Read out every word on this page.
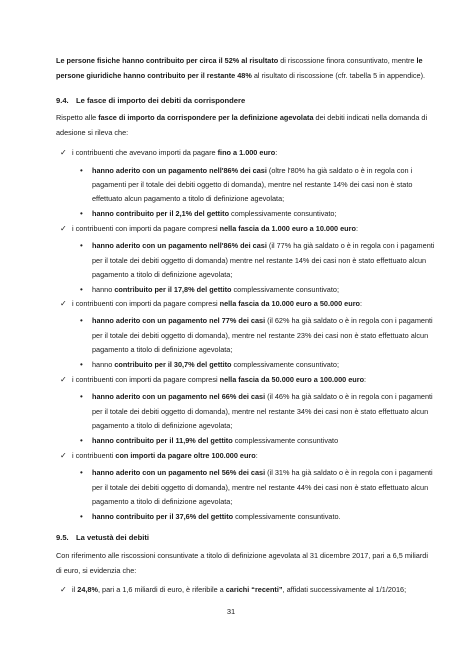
Le persone fisiche hanno contribuito per circa il 52% al risultato di riscossione finora consuntivato, mentre le
persone giuridiche hanno contribuito per il restante 48% al risultato di riscossione (cfr. tabella 5 in appendice).
9.4. Le fasce di importo dei debiti da corrispondere
Rispetto alle fasce di importo da corrispondere per la definizione agevolata dei debiti indicati nella domanda di
adesione si rileva che:
✓ i contribuenti che avevano importi da pagare fino a 1.000 euro:
• hanno aderito con un pagamento nell'86% dei casi (oltre l'80% ha già saldato o è in regola con i
pagamenti per il totale dei debiti oggetto di domanda), mentre nel restante 14% dei casi non è stato
effettuato alcun pagamento a titolo di definizione agevolata;
• hanno contribuito per il 2,1% del gettito complessivamente consuntivato;
✓ i contribuenti con importi da pagare compresi nella fascia da 1.000 euro a 10.000 euro:
• hanno aderito con un pagamento nell'86% dei casi (il 77% ha già saldato o è in regola con i pagamenti
per il totale dei debiti oggetto di domanda) mentre nel restante 14% dei casi non è stato effettuato alcun
pagamento a titolo di definizione agevolata;
• hanno contribuito per il 17,8% del gettito complessivamente consuntivato;
✓ i contribuenti con importi da pagare compresi nella fascia da 10.000 euro a 50.000 euro:
• hanno aderito con un pagamento nel 77% dei casi (il 62% ha già saldato o è in regola con i pagamenti
per il totale dei debiti oggetto di domanda), mentre nel restante 23% dei casi non è stato effettuato alcun
pagamento a titolo di definizione agevolata;
• hanno contribuito per il 30,7% del gettito complessivamente consuntivato;
✓ i contribuenti con importi da pagare compresi nella fascia da 50.000 euro a 100.000 euro:
• hanno aderito con un pagamento nel 66% dei casi (il 46% ha già saldato o è in regola con i pagamenti
per il totale dei debiti oggetto di domanda), mentre nel restante 34% dei casi non è stato effettuato alcun
pagamento a titolo di definizione agevolata;
• hanno contribuito per il 11,9% del gettito complessivamente consuntivato
✓ i contribuenti con importi da pagare oltre 100.000 euro:
• hanno aderito con un pagamento nel 56% dei casi (il 31% ha già saldato o è in regola con i pagamenti
per il totale dei debiti oggetto di domanda), mentre nel restante 44% dei casi non è stato effettuato alcun
pagamento a titolo di definizione agevolata;
• hanno contribuito per il 37,6% del gettito complessivamente consuntivato.
9.5. La vetustà dei debiti
Con riferimento alle riscossioni consuntivate a titolo di definizione agevolata al 31 dicembre 2017, pari a 6,5 miliardi
di euro, si evidenzia che:
✓ il 24,8%, pari a 1,6 miliardi di euro, è riferibile a carichi “recenti”, affidati successivamente al 1/1/2016;
31
